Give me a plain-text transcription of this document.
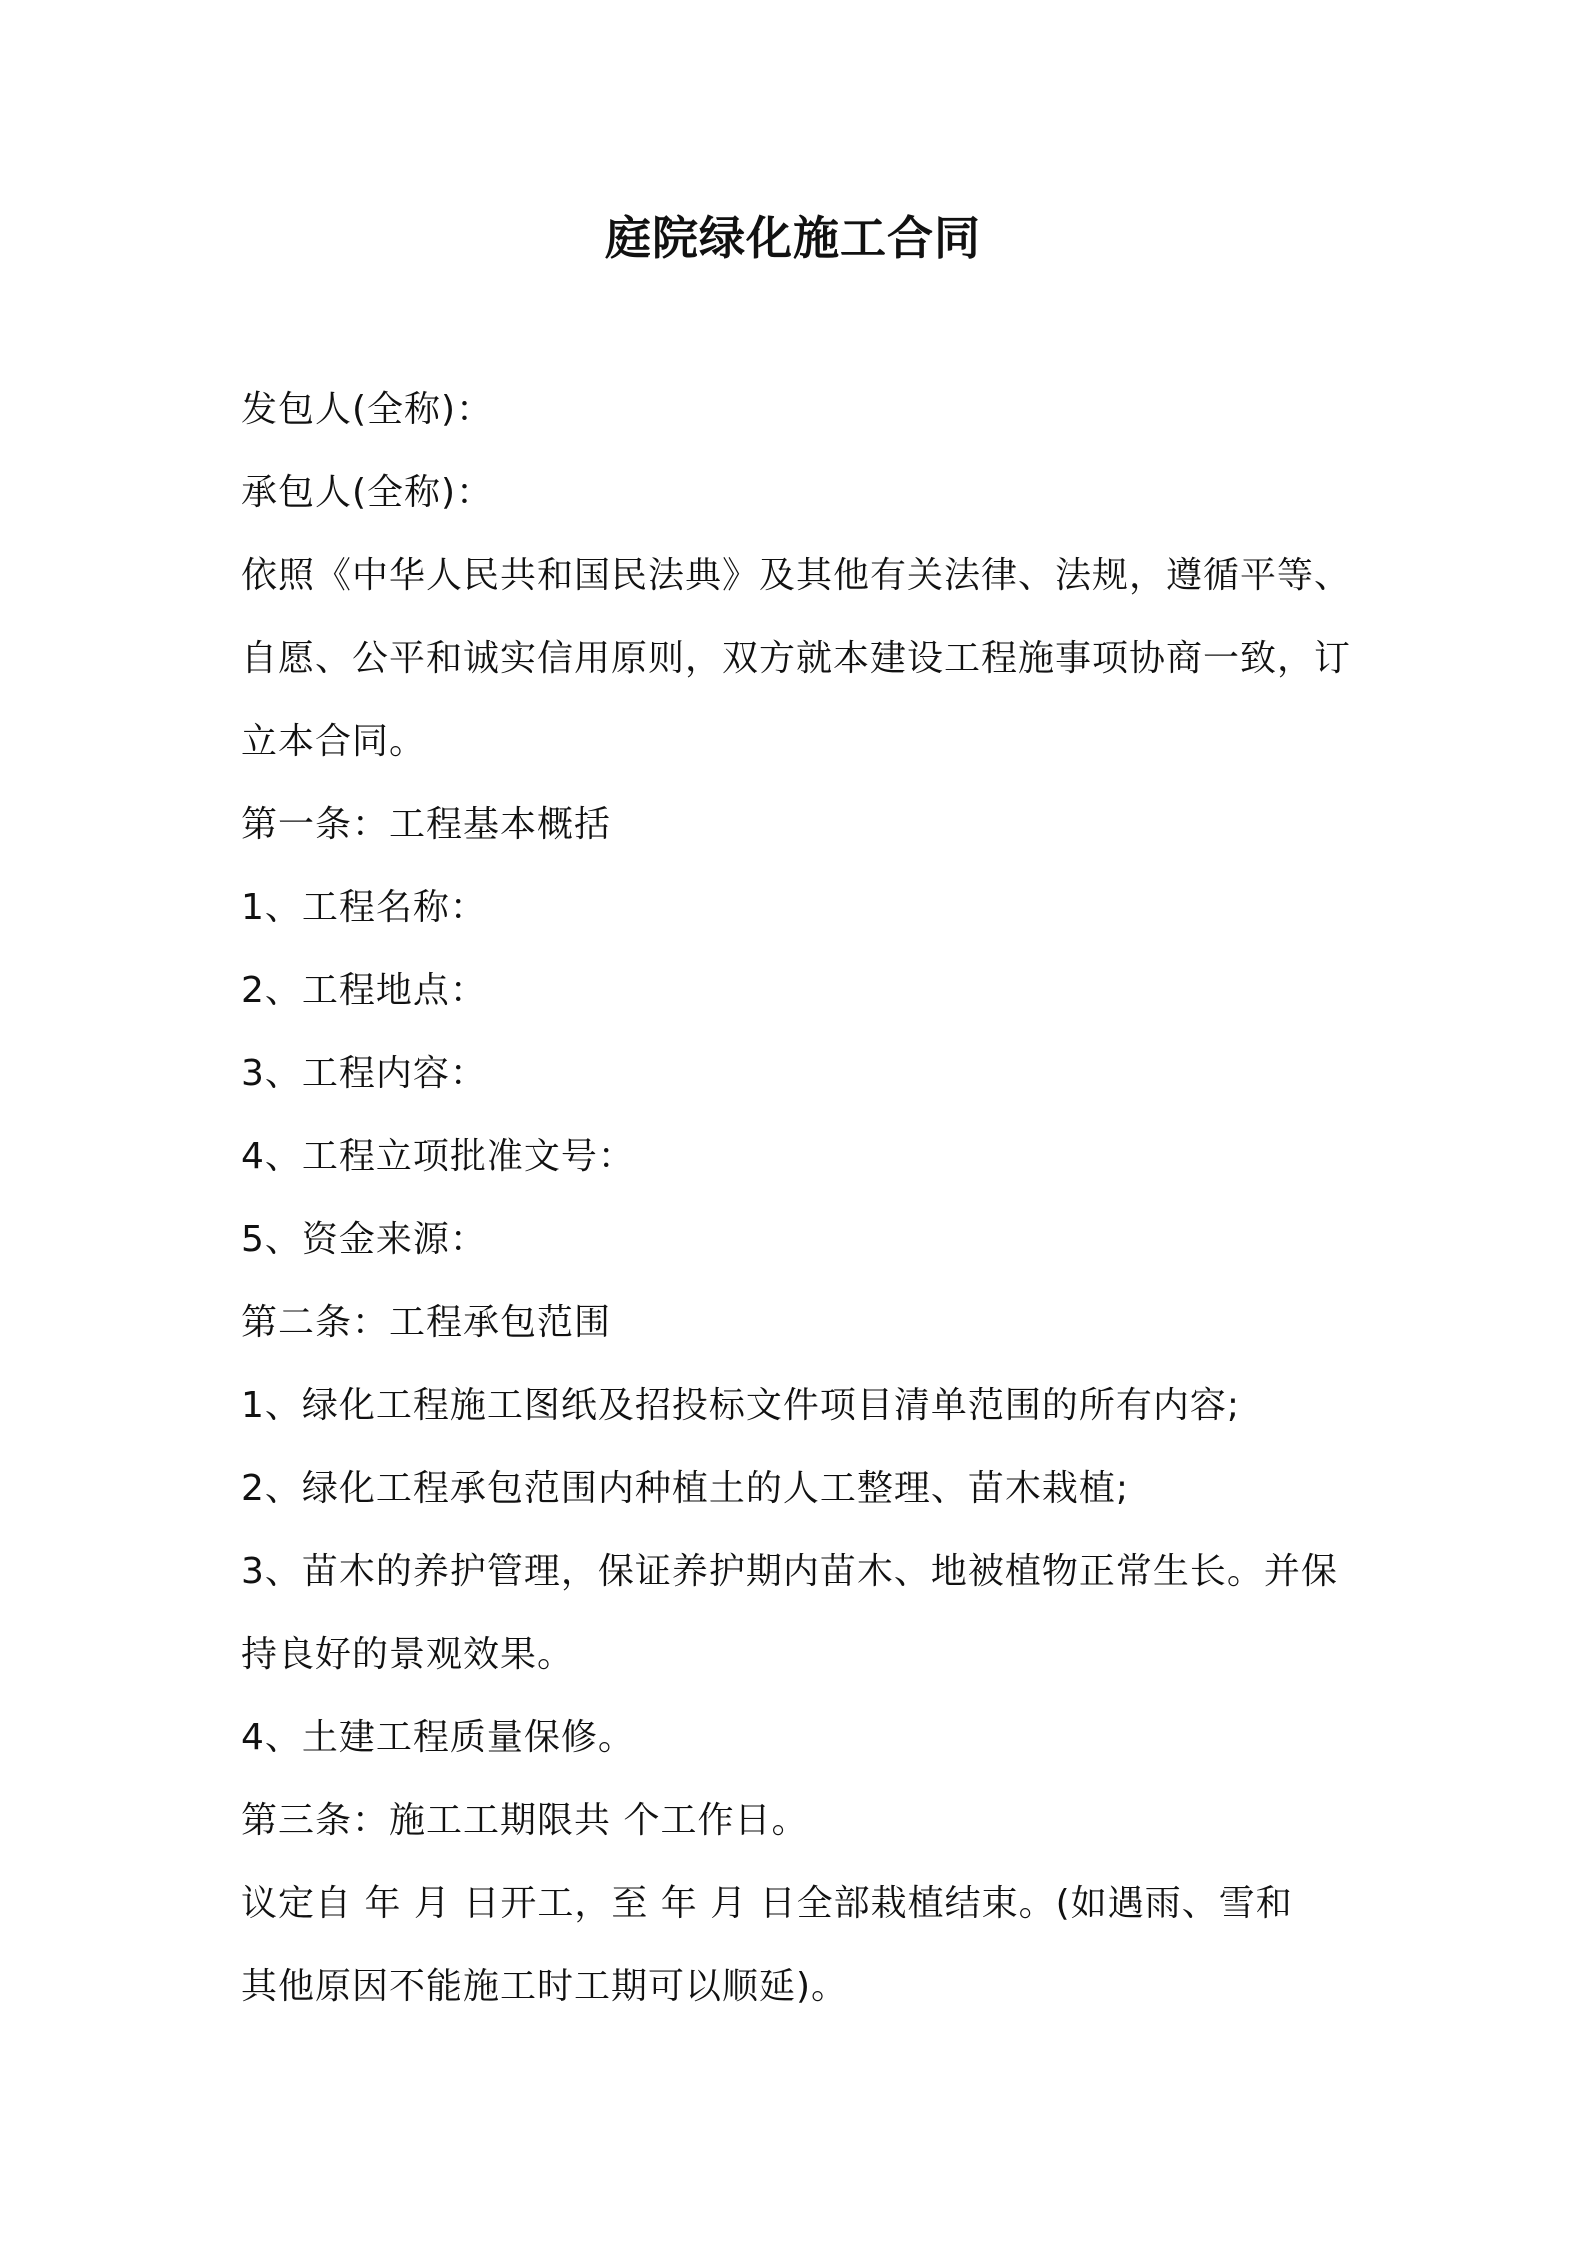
庭院绿化施工合同
发包人(全称)：
承包人(全称)：
依照《中华人民共和国民法典》及其他有关法律、法规，遵循平等、
自愿、公平和诚实信用原则，双方就本建设工程施事项协商一致，订
立本合同。
第一条：工程基本概括
1、工程名称：
2、工程地点：
3、工程内容：
4、工程立项批准文号：
5、资金来源：
第二条：工程承包范围
1、绿化工程施工图纸及招投标文件项目清单范围的所有内容;
2、绿化工程承包范围内种植土的人工整理、苗木栽植;
3、苗木的养护管理，保证养护期内苗木、地被植物正常生长。并保
持良好的景观效果。
4、土建工程质量保修。
第三条：施工工期限共 个工作日。
议定自 年 月 日开工，至 年 月 日全部栽植结束。(如遇雨、雪和
其他原因不能施工时工期可以顺延)。
